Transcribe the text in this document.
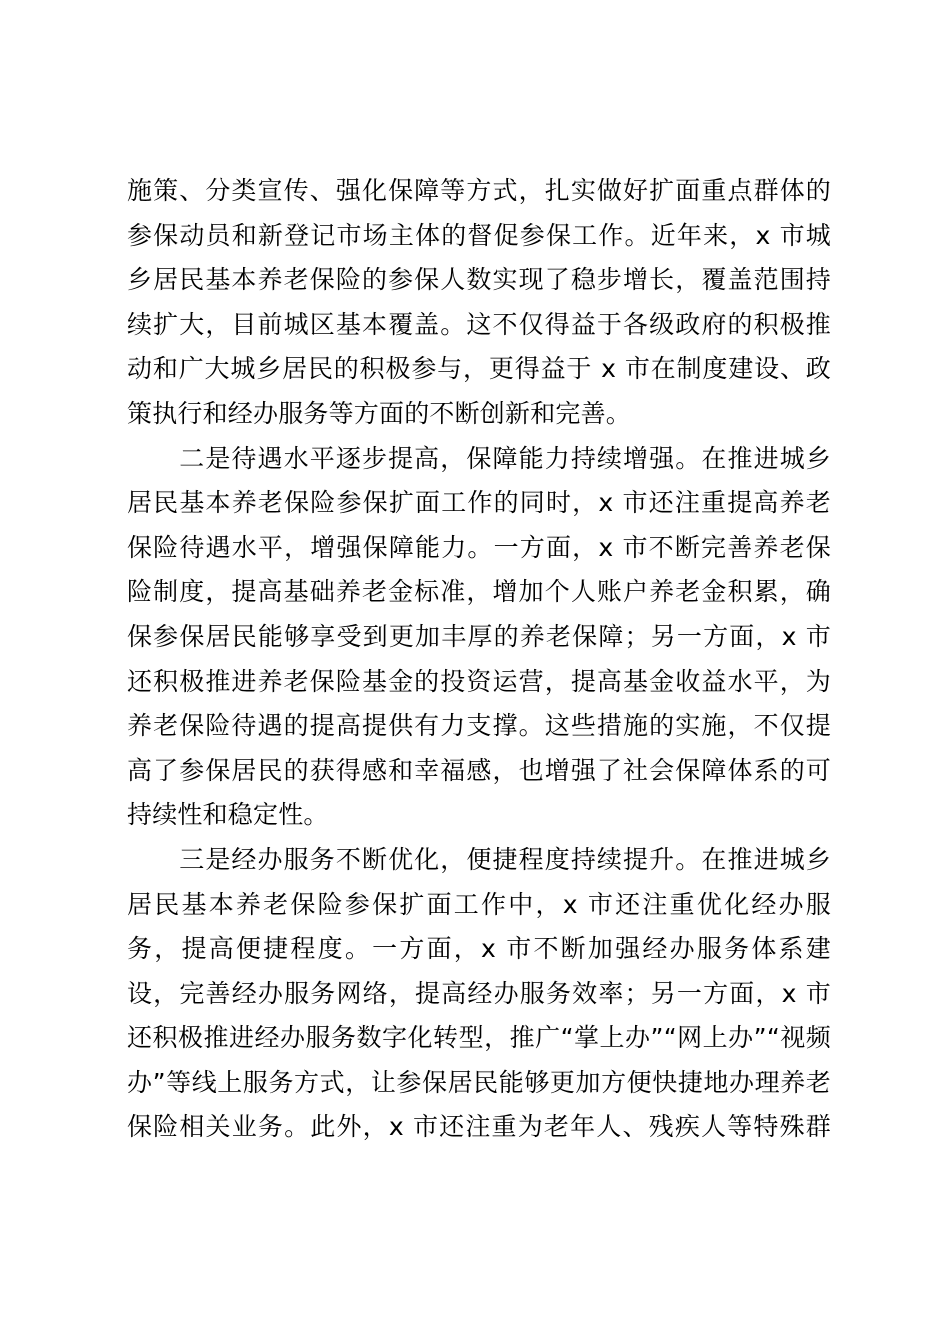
施策、分类宣传、强化保障等方式，扎实做好扩面重点群体的
参保动员和新登记市场主体的督促参保工作。近年来，x 市城
乡居民基本养老保险的参保人数实现了稳步增长，覆盖范围持
续扩大，目前城区基本覆盖。这不仅得益于各级政府的积极推
动和广大城乡居民的积极参与，更得益于 x 市在制度建设、政
策执行和经办服务等方面的不断创新和完善。
　　二是待遇水平逐步提高，保障能力持续增强。在推进城乡
居民基本养老保险参保扩面工作的同时，x 市还注重提高养老
保险待遇水平，增强保障能力。一方面，x 市不断完善养老保
险制度，提高基础养老金标准，增加个人账户养老金积累，确
保参保居民能够享受到更加丰厚的养老保障；另一方面，x 市
还积极推进养老保险基金的投资运营，提高基金收益水平，为
养老保险待遇的提高提供有力支撑。这些措施的实施，不仅提
高了参保居民的获得感和幸福感，也增强了社会保障体系的可
持续性和稳定性。
　　三是经办服务不断优化，便捷程度持续提升。在推进城乡
居民基本养老保险参保扩面工作中，x 市还注重优化经办服
务，提高便捷程度。一方面，x 市不断加强经办服务体系建
设，完善经办服务网络，提高经办服务效率；另一方面，x 市
还积极推进经办服务数字化转型，推广“掌上办”“网上办”“视频
办”等线上服务方式，让参保居民能够更加方便快捷地办理养老
保险相关业务。此外，x 市还注重为老年人、残疾人等特殊群
